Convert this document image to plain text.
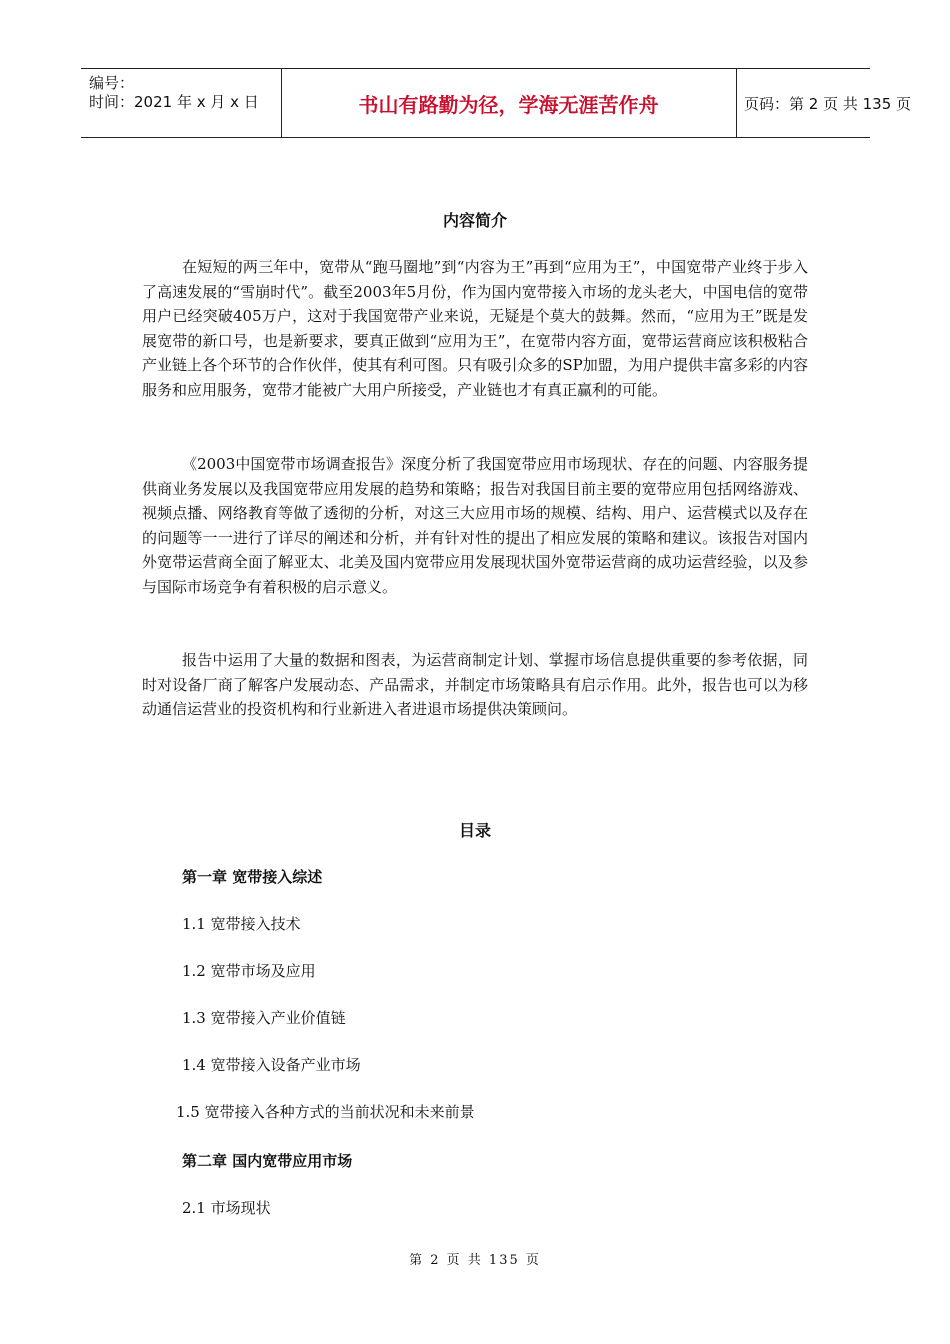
编号：
时间：2021 年 x 月 x 日	书山有路勤为径，学海无涯苦作舟	页码：第 2 页 共 135 页
内容简介

在短短的两三年中，宽带从“跑马圈地”到“内容为王”再到“应用为王”，中国宽带产业终于步入了高速发展的“雪崩时代”。截至2003年5月份，作为国内宽带接入市场的龙头老大，中国电信的宽带用户已经突破405万户，这对于我国宽带产业来说，无疑是个莫大的鼓舞。然而，“应用为王”既是发展宽带的新口号，也是新要求，要真正做到“应用为王”，在宽带内容方面，宽带运营商应该积极粘合产业链上各个环节的合作伙伴，使其有利可图。只有吸引众多的SP加盟，为用户提供丰富多彩的内容服务和应用服务，宽带才能被广大用户所接受，产业链也才有真正赢利的可能。

《2003中国宽带市场调查报告》深度分析了我国宽带应用市场现状、存在的问题、内容服务提供商业务发展以及我国宽带应用发展的趋势和策略；报告对我国目前主要的宽带应用包括网络游戏、视频点播、网络教育等做了透彻的分析，对这三大应用市场的规模、结构、用户、运营模式以及存在的问题等一一进行了详尽的阐述和分析，并有针对性的提出了相应发展的策略和建议。该报告对国内外宽带运营商全面了解亚太、北美及国内宽带应用发展现状国外宽带运营商的成功运营经验，以及参与国际市场竞争有着积极的启示意义。

报告中运用了大量的数据和图表，为运营商制定计划、掌握市场信息提供重要的参考依据，同时对设备厂商了解客户发展动态、产品需求，并制定市场策略具有启示作用。此外，报告也可以为移动通信运营业的投资机构和行业新进入者进退市场提供决策顾问。

目录
第一章 宽带接入综述
1.1 宽带接入技术
1.2 宽带市场及应用
1.3 宽带接入产业价值链
1.4 宽带接入设备产业市场
1.5 宽带接入各种方式的当前状况和未来前景
第二章 国内宽带应用市场
2.1 市场现状
第 2 页 共 135 页
